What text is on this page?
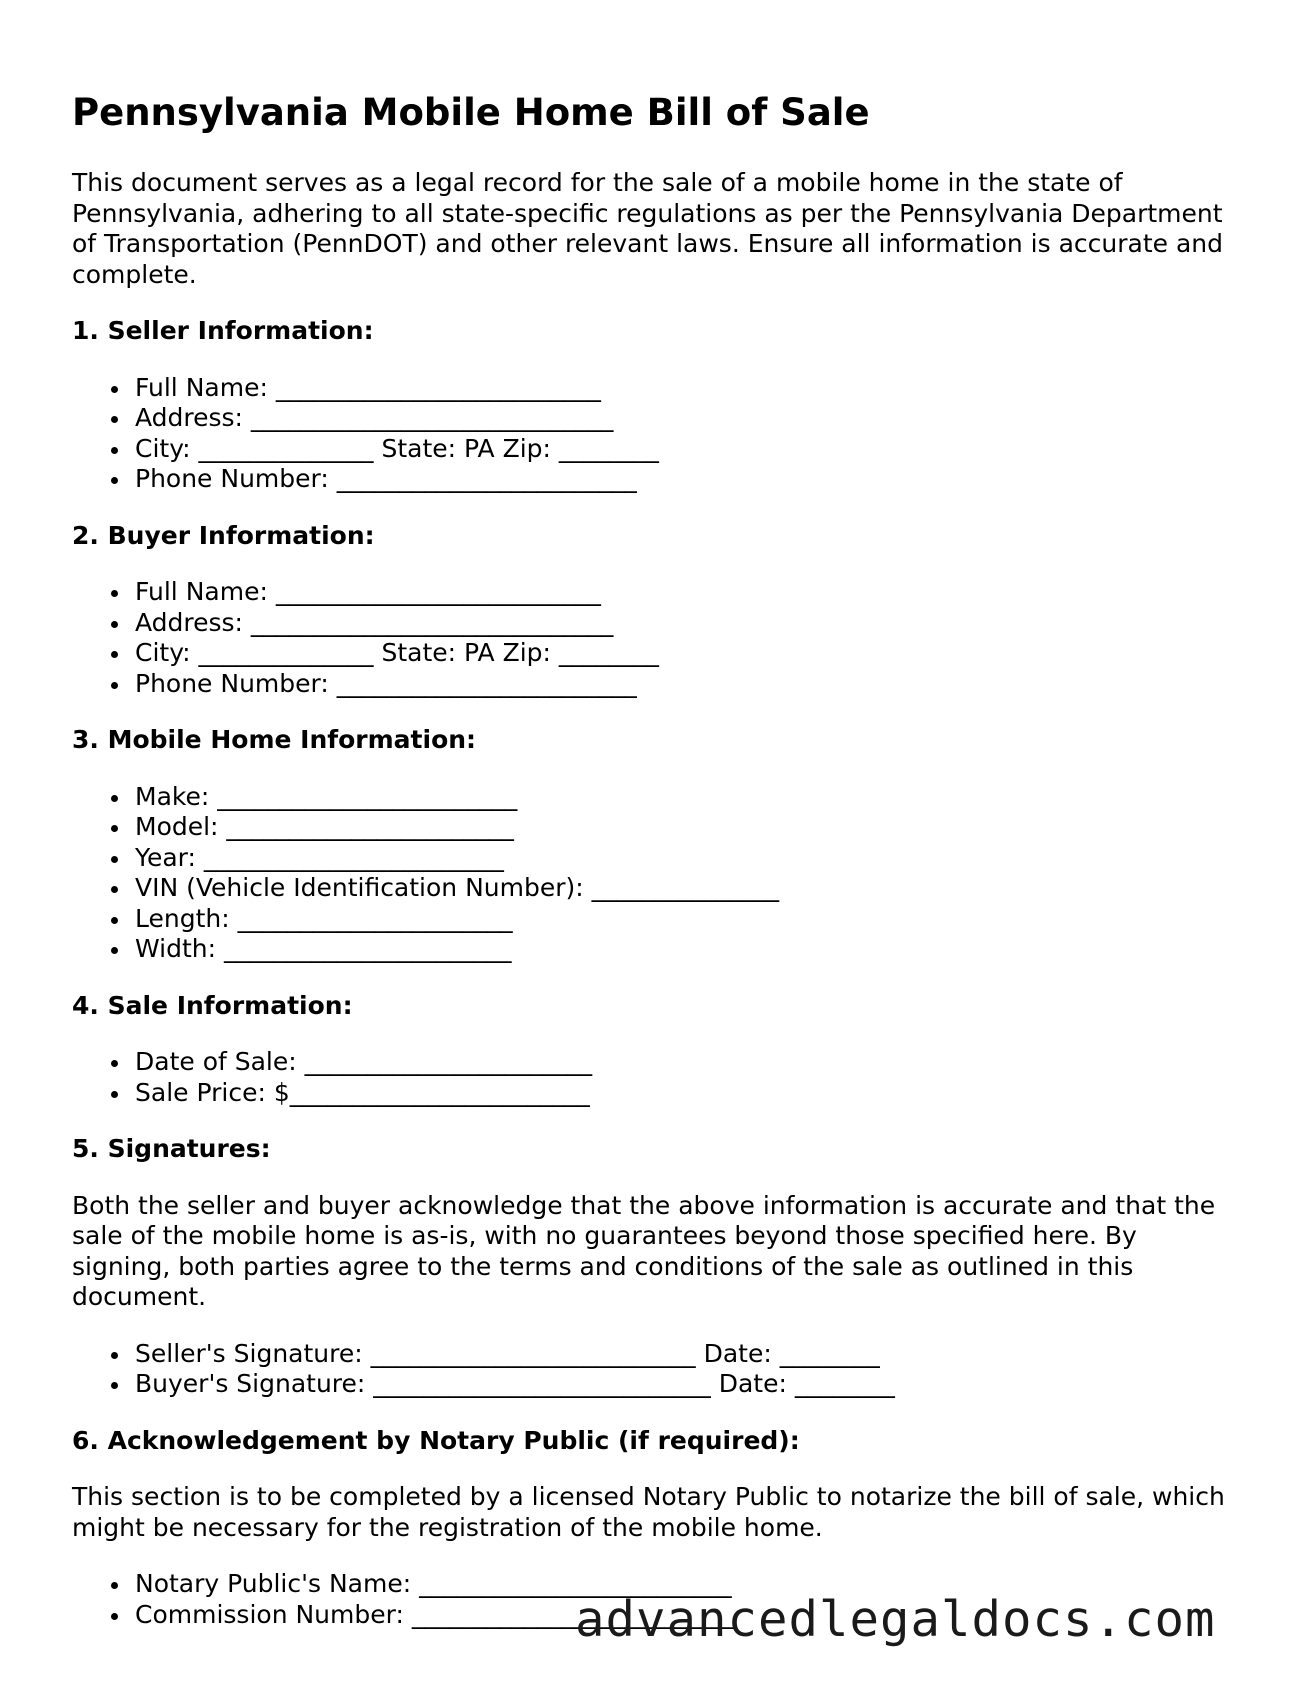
Pennsylvania Mobile Home Bill of Sale

This document serves as a legal record for the sale of a mobile home in the state of Pennsylvania, adhering to all state-specific regulations as per the Pennsylvania Department of Transportation (PennDOT) and other relevant laws. Ensure all information is accurate and complete.

1. Seller Information:
Full Name: __________________________
Address: _____________________________
City: ______________ State: PA Zip: ________
Phone Number: ________________________
2. Buyer Information:
Full Name: __________________________
Address: _____________________________
City: ______________ State: PA Zip: ________
Phone Number: ________________________
3. Mobile Home Information:
Make: ________________________
Model: _______________________
Year: ________________________
VIN (Vehicle Identification Number): _______________
Length: ______________________
Width: _______________________
4. Sale Information:
Date of Sale: _______________________
Sale Price: $________________________
5. Signatures:

Both the seller and buyer acknowledge that the above information is accurate and that the sale of the mobile home is as-is, with no guarantees beyond those specified here. By signing, both parties agree to the terms and conditions of the sale as outlined in this document.

Seller's Signature: __________________________ Date: ________
Buyer's Signature: ___________________________ Date: ________
6. Acknowledgement by Notary Public (if required):

This section is to be completed by a licensed Notary Public to notarize the bill of sale, which might be necessary for the registration of the mobile home.

Notary Public's Name: _________________________
Commission Number: __________________________
advancedlegaldocs.com
